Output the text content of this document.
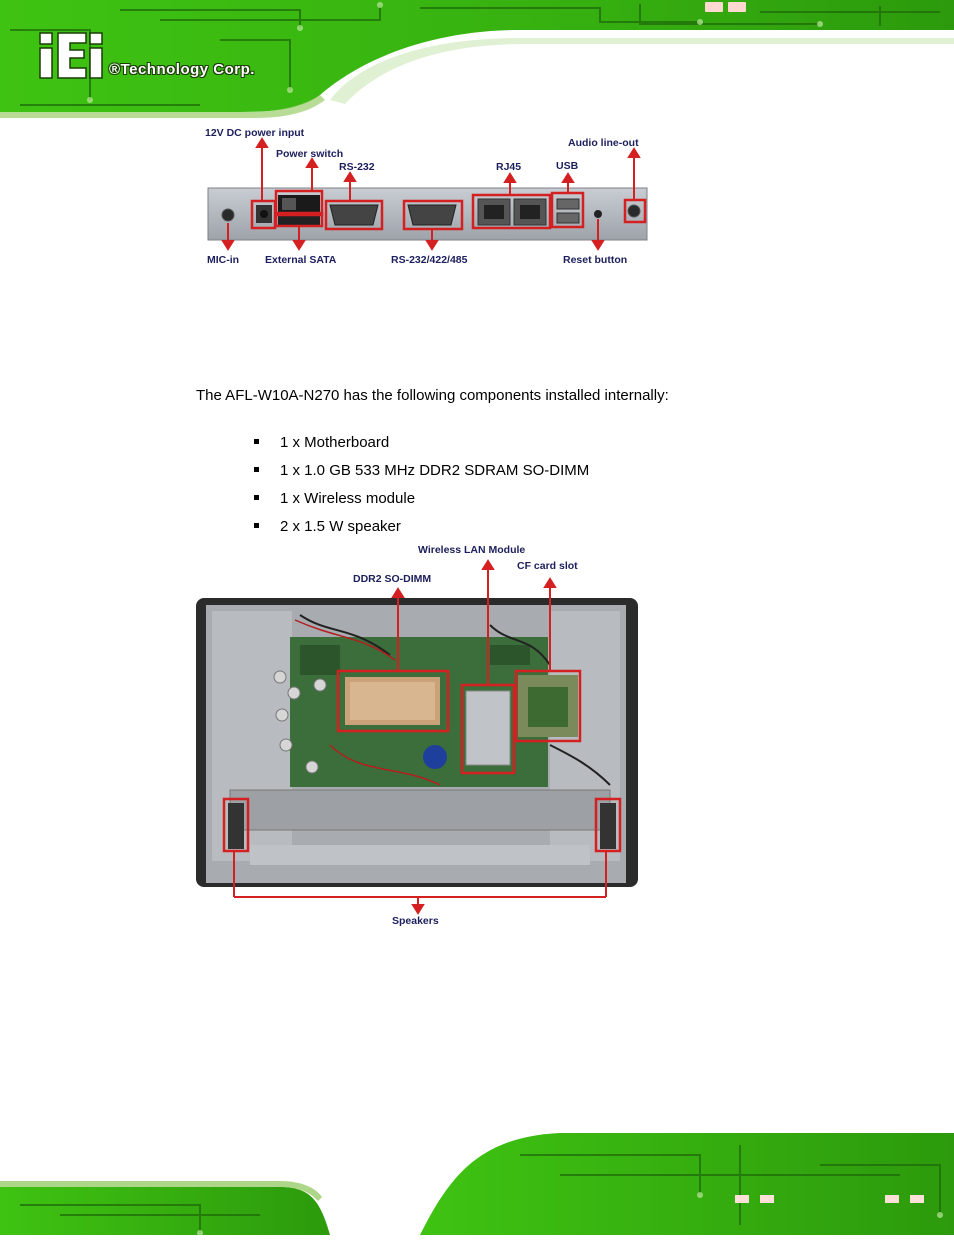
®Technology Corp.
12V DC power input
Power switch
RS-232	RJ45	USB
Audio line-out
MIC-in External SATA	RS-232/422/485	Reset button
The AFL-W10A-N270 has the following components installed internally:
1 x Motherboard
1 x 1.0 GB 533 MHz DDR2 SDRAM SO-DIMM
1 x Wireless module
2 x 1.5 W speaker
Wireless LAN Module
CF card slot
DDR2 SO-DIMM
Speakers
